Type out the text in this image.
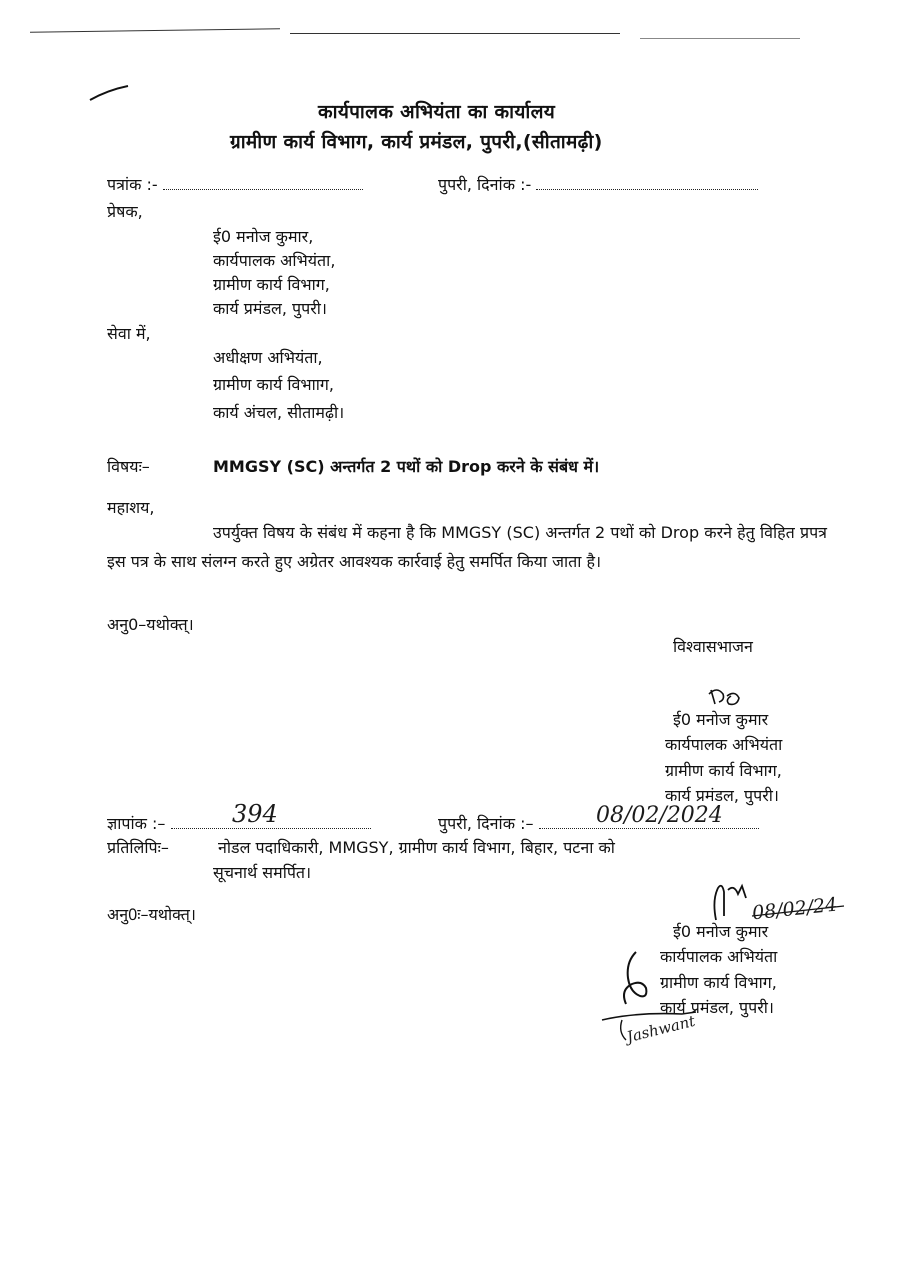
कार्यपालक अभियंता का कार्यालय
ग्रामीण कार्य विभाग, कार्य प्रमंडल, पुपरी,(सीतामढ़ी)
पत्रांक :-	पुपरी, दिनांक :-
प्रेषक,
ई0 मनोज कुमार,
कार्यपालक अभियंता,
ग्रामीण कार्य विभाग,
कार्य प्रमंडल, पुपरी।
सेवा में,
अधीक्षण अभियंता,
ग्रामीण कार्य विभााग,
कार्य अंचल, सीतामढ़ी।
विषयः–	MMGSY (SC) अन्तर्गत 2 पथों को Drop करने के संबंध में।
महाशय,
उपर्युक्त विषय के संबंध में कहना है कि MMGSY (SC) अन्तर्गत 2 पथों को Drop करने हेतु विहित प्रपत्र इस पत्र के साथ संलग्न करते हुए अग्रेतर आवश्यक कार्रवाई हेतु समर्पित किया जाता है।
अनु0–यथोक्त्।
विश्वासभाजन
ई0 मनोज कुमार
कार्यपालक अभियंता
ग्रामीण कार्य विभाग,
कार्य प्रमंडल, पुपरी।
ज्ञापांक :–	394	पुपरी, दिनांक :–	08/02/2024
प्रतिलिपिः–	नोडल पदाधिकारी, MMGSY, ग्रामीण कार्य विभाग, बिहार, पटना को
सूचनार्थ समर्पित।
अनु0ः–यथोक्त्।	08/02/24
ई0 मनोज कुमार
कार्यपालक अभियंता
ग्रामीण कार्य विभाग,
कार्य प्रमंडल, पुपरी।
Jashwant
